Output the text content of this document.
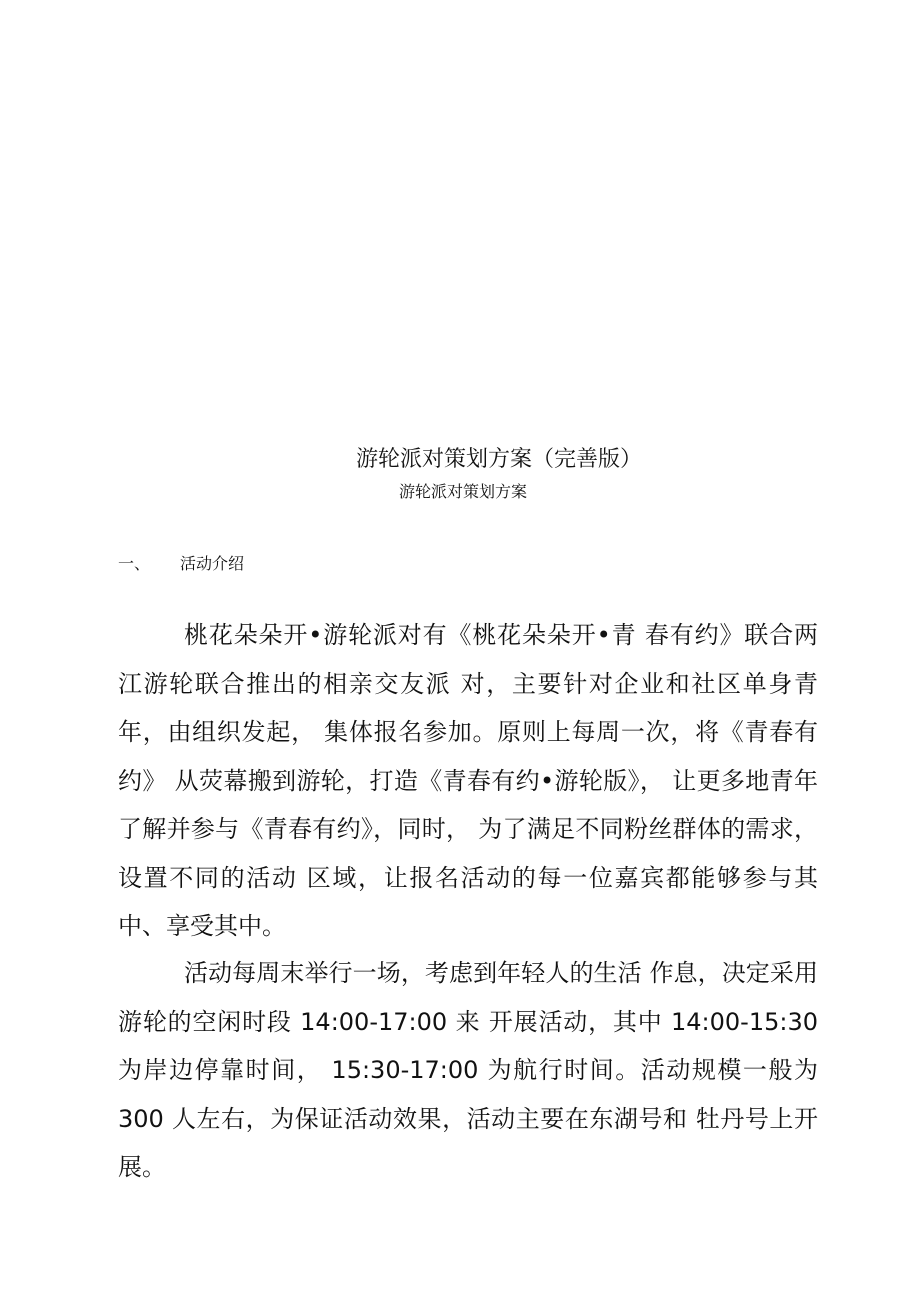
游轮派对策划方案（完善版）
游轮派对策划方案
一、 活动介绍

桃花朵朵开•游轮派对有《桃花朵朵开•青 春有约》联合两江游轮联合推出的相亲交友派 对，主要针对企业和社区单身青年，由组织发起， 集体报名参加。原则上每周一次，将《青春有约》 从荧幕搬到游轮，打造《青春有约•游轮版》， 让更多地青年了解并参与《青春有约》，同时， 为了满足不同粉丝群体的需求，设置不同的活动 区域，让报名活动的每一位嘉宾都能够参与其 中、享受其中。

活动每周末举行一场，考虑到年轻人的生活 作息，决定采用游轮的空闲时段 14:00-17:00 来 开展活动，其中 14:00-15:30 为岸边停靠时间， 15:30-17:00 为航行时间。活动规模一般为 300 人左右，为保证活动效果，活动主要在东湖号和 牡丹号上开展。
